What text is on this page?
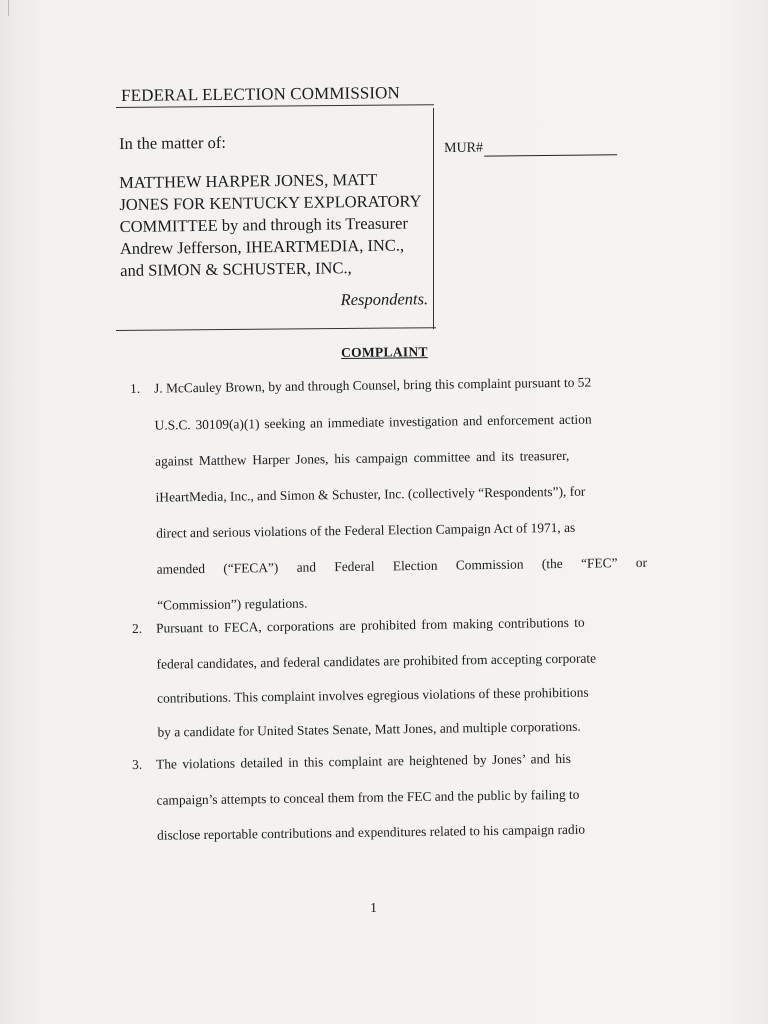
FEDERAL ELECTION COMMISSION
In the matter of:
MATTHEW HARPER JONES, MATT
JONES FOR KENTUCKY EXPLORATORY
COMMITTEE by and through its Treasurer
Andrew Jefferson, IHEARTMEDIA, INC.,
and SIMON & SCHUSTER, INC.,
Respondents.
MUR#
COMPLAINT
1. J. McCauley Brown, by and through Counsel, bring this complaint pursuant to 52
U.S.C. 30109(a)(1) seeking an immediate investigation and enforcement action
against Matthew Harper Jones, his campaign committee and its treasurer,
iHeartMedia, Inc., and Simon & Schuster, Inc. (collectively “Respondents”), for
direct and serious violations of the Federal Election Campaign Act of 1971, as
amended (“FECA”) and Federal Election Commission (the “FEC” or
“Commission”) regulations.
2. Pursuant to FECA, corporations are prohibited from making contributions to
federal candidates, and federal candidates are prohibited from accepting corporate
contributions. This complaint involves egregious violations of these prohibitions
by a candidate for United States Senate, Matt Jones, and multiple corporations.
3. The violations detailed in this complaint are heightened by Jones’ and his
campaign’s attempts to conceal them from the FEC and the public by failing to
disclose reportable contributions and expenditures related to his campaign radio
1
